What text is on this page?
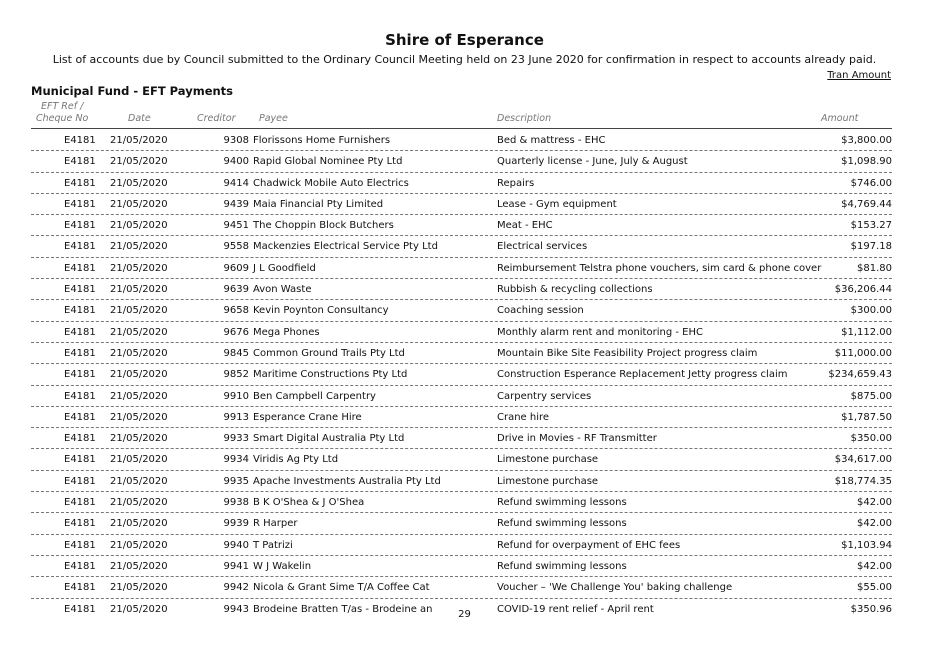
Shire of Esperance
List of accounts due by Council submitted to the Ordinary Council Meeting held on 23 June 2020 for confirmation in respect to accounts already paid.
Tran Amount
Municipal Fund - EFT Payments
EFT Ref /
Cheque No	Date	Creditor Payee	Description	Amount
E4181 21/05/2020	9308 Florissons Home Furnishers	Bed & mattress - EHC	$3,800.00
E4181 21/05/2020	9400 Rapid Global Nominee Pty Ltd	Quarterly license - June, July & August	$1,098.90
E4181 21/05/2020	9414 Chadwick Mobile Auto Electrics	Repairs	$746.00
E4181 21/05/2020	9439 Maia Financial Pty Limited	Lease - Gym equipment	$4,769.44
E4181 21/05/2020	9451 The Choppin Block Butchers	Meat - EHC	$153.27
E4181 21/05/2020	9558 Mackenzies Electrical Service Pty Ltd	Electrical services	$197.18
E4181 21/05/2020	9609 J L Goodfield	Reimbursement Telstra phone vouchers, sim card & phone cover	$81.80
E4181 21/05/2020	9639 Avon Waste	Rubbish & recycling collections	$36,206.44
E4181 21/05/2020	9658 Kevin Poynton Consultancy	Coaching session	$300.00
E4181 21/05/2020	9676 Mega Phones	Monthly alarm rent and monitoring - EHC	$1,112.00
E4181 21/05/2020	9845 Common Ground Trails Pty Ltd	Mountain Bike Site Feasibility Project progress claim	$11,000.00
E4181 21/05/2020	9852 Maritime Constructions Pty Ltd	Construction Esperance Replacement Jetty progress claim	$234,659.43
E4181 21/05/2020	9910 Ben Campbell Carpentry	Carpentry services	$875.00
E4181 21/05/2020	9913 Esperance Crane Hire	Crane hire	$1,787.50
E4181 21/05/2020	9933 Smart Digital Australia Pty Ltd	Drive in Movies - RF Transmitter	$350.00
E4181 21/05/2020	9934 Viridis Ag Pty Ltd	Limestone purchase	$34,617.00
E4181 21/05/2020	9935 Apache Investments Australia Pty Ltd	Limestone purchase	$18,774.35
E4181 21/05/2020	9938 B K O'Shea & J O'Shea	Refund swimming lessons	$42.00
E4181 21/05/2020	9939 R Harper	Refund swimming lessons	$42.00
E4181 21/05/2020	9940 T Patrizi	Refund for overpayment of EHC fees	$1,103.94
E4181 21/05/2020	9941 W J Wakelin	Refund swimming lessons	$42.00
E4181 21/05/2020	9942 Nicola & Grant Sime T/A Coffee Cat	Voucher – 'We Challenge You' baking challenge	$55.00
E4181 21/05/2020	9943 Brodeine Bratten T/as - Brodeine an	COVID-19 rent relief - April rent	$350.96
29
